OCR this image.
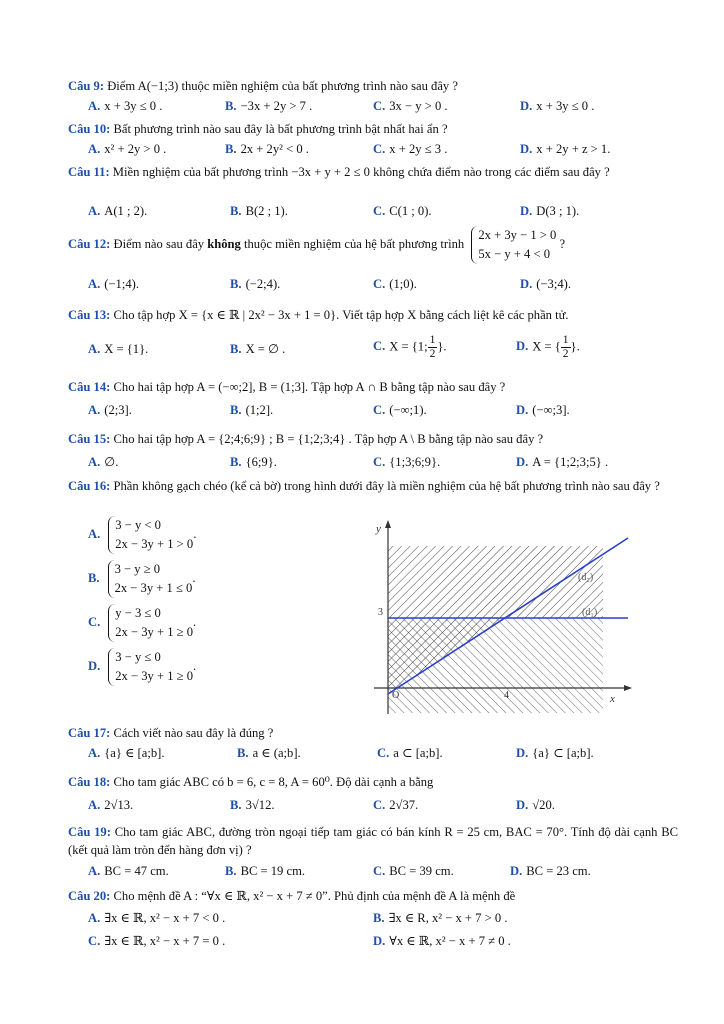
Câu 9: Điểm A(−1;3) thuộc miền nghiệm của bất phương trình nào sau đây ?
A. x + 3y ≤ 0 .	B. −3x + 2y > 7 .	C. 3x − y > 0 .	D. x + 3y ≤ 0 .
Câu 10: Bất phương trình nào sau đây là bất phương trình bật nhất hai ẩn ?
A. x² + 2y > 0 .	B. 2x + 2y² < 0 .	C. x + 2y ≤ 3 .	D. x + 2y + z > 1.
Câu 11: Miền nghiệm của bất phương trình −3x + y + 2 ≤ 0 không chứa điểm nào trong các điểm sau đây ?
A. A(1 ; 2).	B. B(2 ; 1).	C. C(1 ; 0).	D. D(3 ; 1).
Câu 12: Điểm nào sau đây không thuộc miền nghiệm của hệ bất phương trình
2x + 3y − 1 > 0
5x − y + 4 < 0
?
A. (−1;4).	B. (−2;4).	C. (1;0).	D. (−3;4).
Câu 13: Cho tập hợp X = {x ∈ ℝ | 2x² − 3x + 1 = 0}. Viết tập hợp X bằng cách liệt kê các phần tử.
A. X = {1}.	B. X = ∅ .	C. X = {1; $\frac{1}{2}$ }.	D. X = { $\frac{1}{2}$ }.
Câu 14: Cho hai tập hợp A = (−∞;2], B = (1;3]. Tập hợp A ∩ B bằng tập nào sau đây ?
A. (2;3].	B. (1;2].	C. (−∞;1).	D. (−∞;3].
Câu 15: Cho hai tập hợp A = {2;4;6;9} ; B = {1;2;3;4} . Tập hợp A \ B bằng tập nào sau đây ?
A. ∅.	B. {6;9}.	C. {1;3;6;9}.	D. A = {1;2;3;5} .
Câu 16: Phần không gạch chéo (kể cả bờ) trong hình dưới đây là miền nghiệm của hệ bất phương trình nào sau đây ?
A.
3 − y < 0
2x − 3y + 1 > 0
.
B.
3 − y ≥ 0
2x − 3y + 1 ≤ 0
.
C.
y − 3 ≤ 0
2x − 3y + 1 ≥ 0
.
D.
3 − y ≤ 0
2x − 3y + 1 ≥ 0
.
y
x
O
3
4
(d₁)
(d₂)
Câu 17: Cách viết nào sau đây là đúng ?
A. {a} ∈ [a;b].	B. a ∈ (a;b].	C. a ⊂ [a;b].	D. {a} ⊂ [a;b].
Câu 18: Cho tam giác ABC có b = 6, c = 8, A = 60⁰. Độ dài cạnh a bằng
A. 2√13.	B. 3√12.	C. 2√37.	D. √20.
Câu 19: Cho tam giác ABC, đường tròn ngoại tiếp tam giác có bán kính R = 25 cm, BAC = 70°. Tính độ dài cạnh BC (kết quả làm tròn đến hàng đơn vị) ?
A. BC = 47 cm.	B. BC = 19 cm.	C. BC = 39 cm.	D. BC = 23 cm.
Câu 20: Cho mệnh đề A : “∀x ∈ ℝ, x² − x + 7 ≠ 0”. Phủ định của mệnh đề A là mệnh đề
A. ∃x ∈ ℝ, x² − x + 7 < 0 .	B. ∃x ∈ R, x² − x + 7 > 0 .
C. ∃x ∈ ℝ, x² − x + 7 = 0 .	D. ∀x ∈ ℝ, x² − x + 7 ≠ 0 .
